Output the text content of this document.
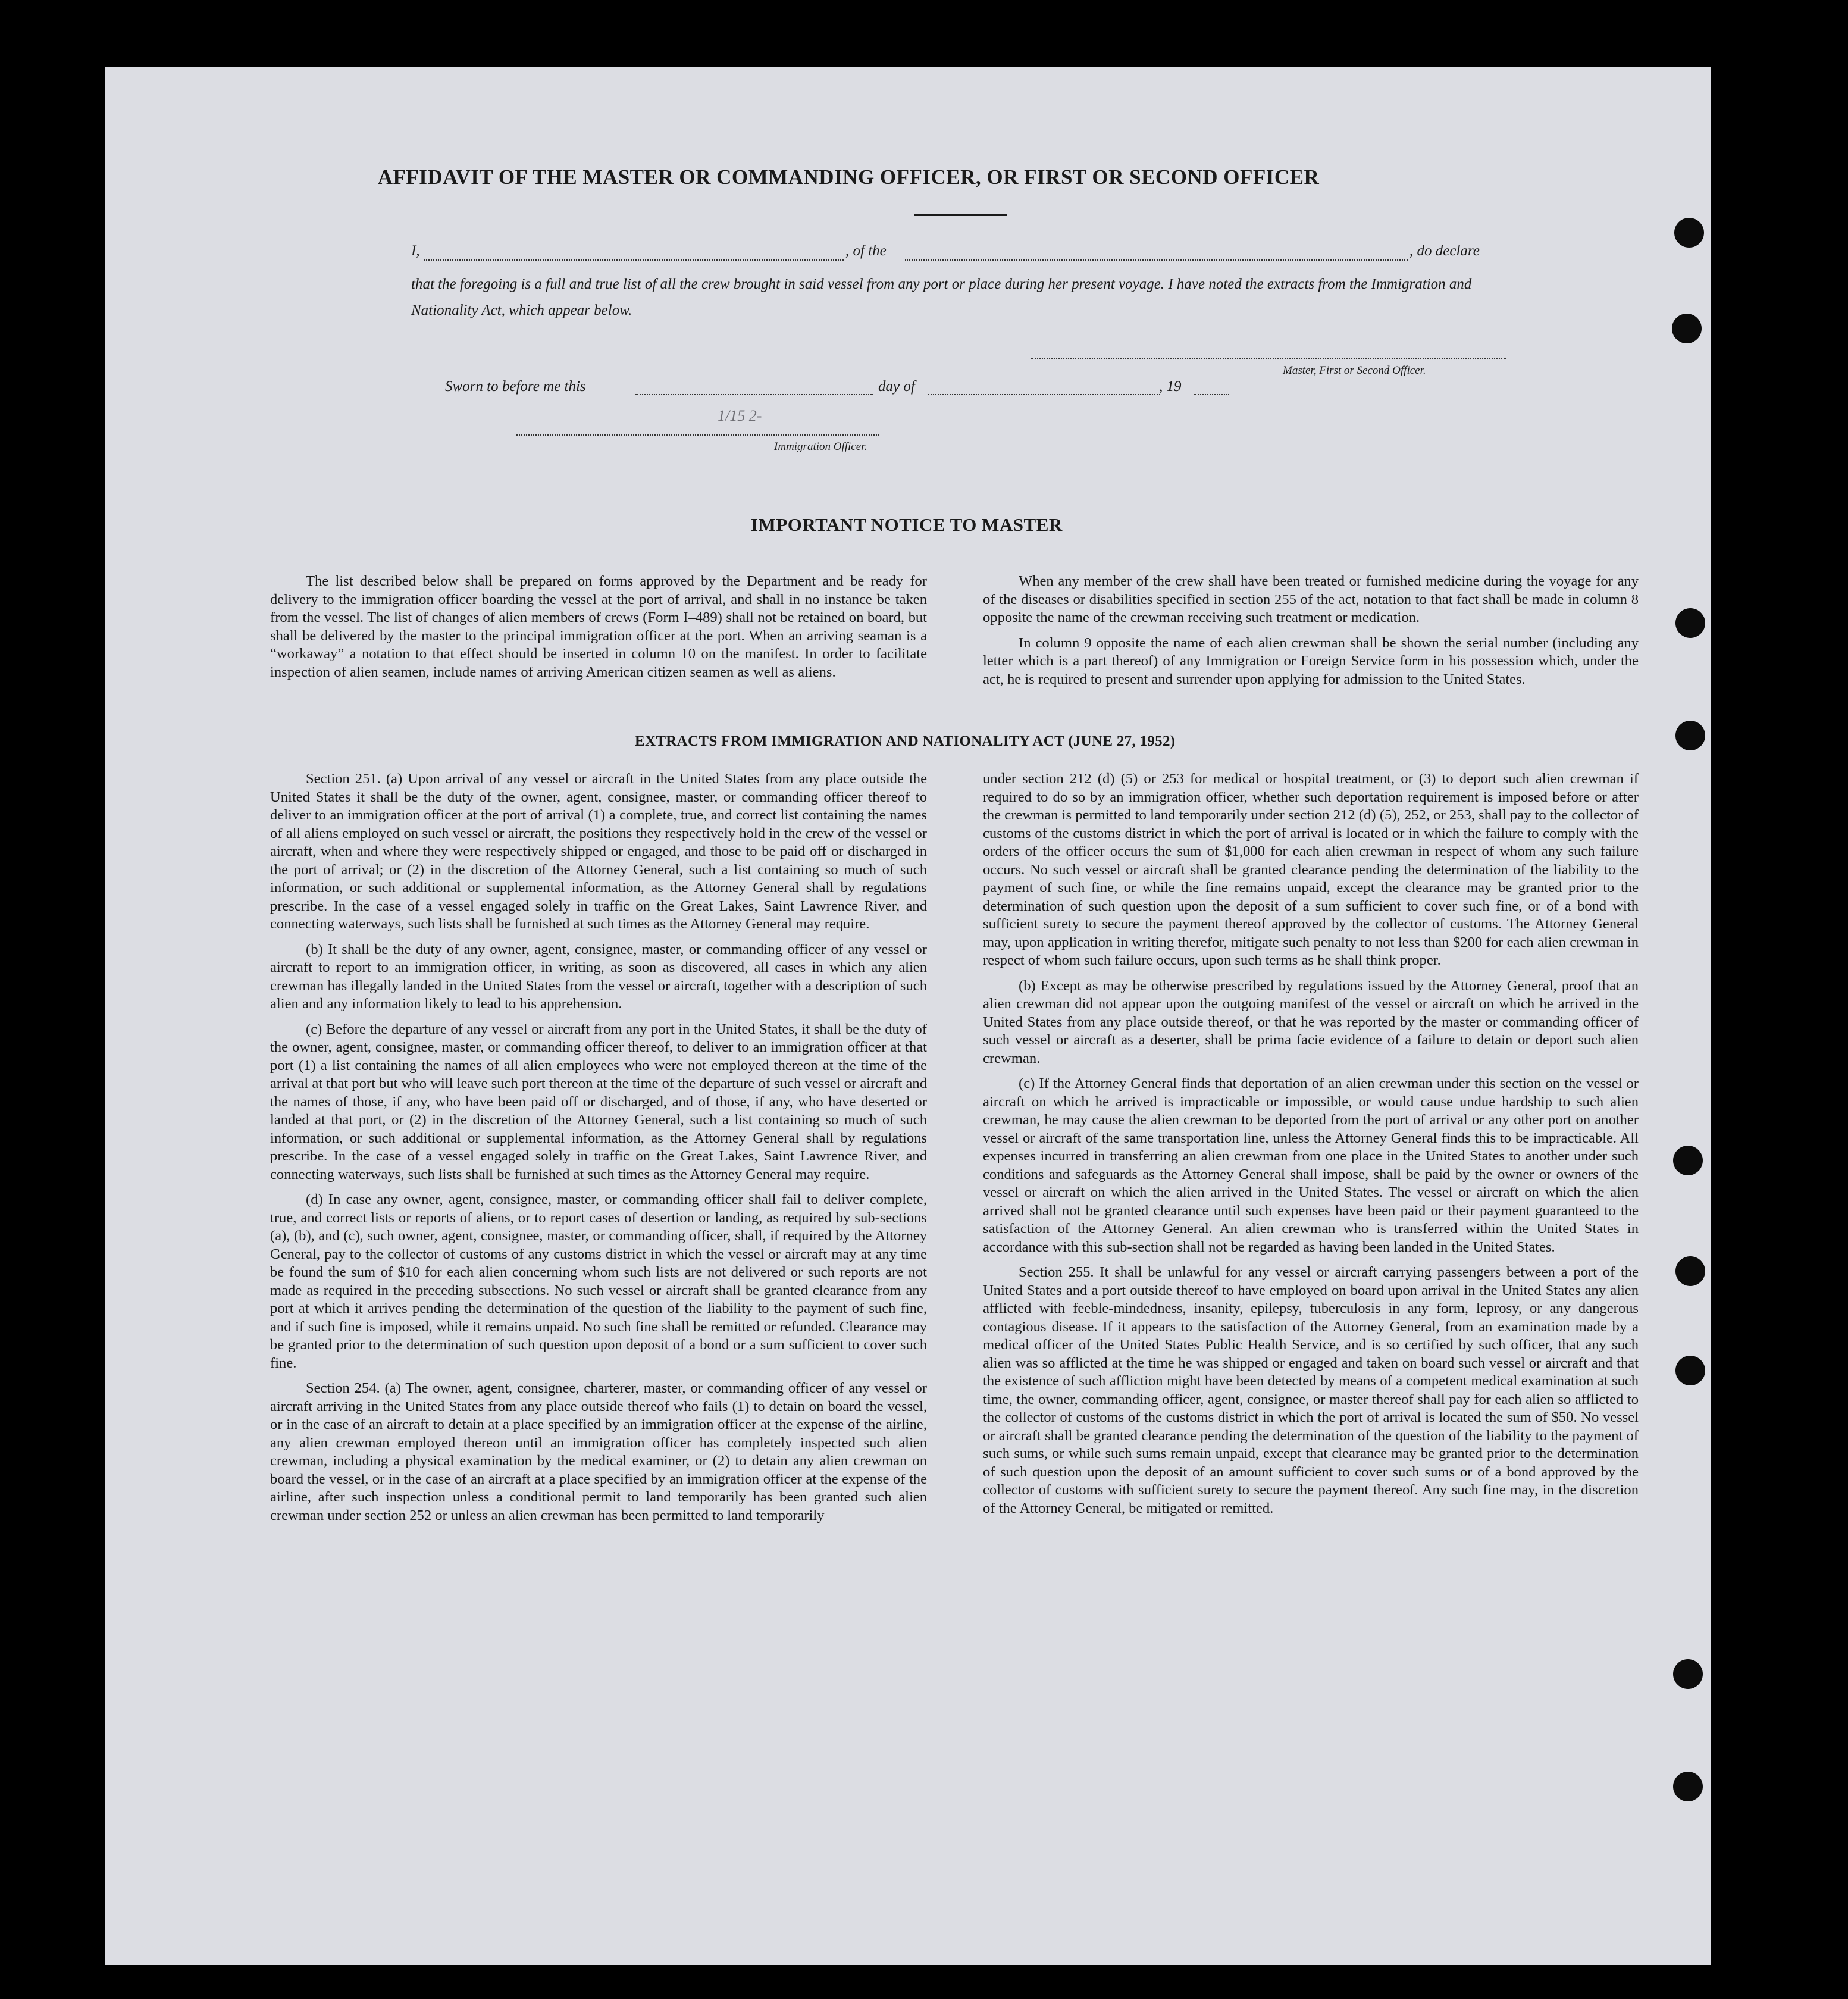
AFFIDAVIT OF THE MASTER OR COMMANDING OFFICER, OR FIRST OR SECOND OFFICER
I,	, of the	, do declare
that the foregoing is a full and true list of all the crew brought in said vessel from any port or place during her present voyage. I have noted the extracts from the Immigration and Nationality Act, which appear below.
Master, First or Second Officer.
Sworn to before me this	day of	, 19
1/15 2-
Immigration Officer.
IMPORTANT NOTICE TO MASTER

The list described below shall be prepared on forms approved by the Department and be ready for delivery to the immigration officer boarding the vessel at the port of arrival, and shall in no instance be taken from the vessel. The list of changes of alien members of crews (Form I–489) shall not be retained on board, but shall be delivered by the master to the principal immigration officer at the port. When an arriving seaman is a “workaway” a notation to that effect should be inserted in column 10 on the manifest. In order to facilitate inspection of alien seamen, include names of arriving American citizen seamen as well as aliens.

When any member of the crew shall have been treated or furnished medicine during the voyage for any of the diseases or disabilities specified in section 255 of the act, notation to that fact shall be made in column 8 opposite the name of the crewman receiving such treatment or medication.

In column 9 opposite the name of each alien crewman shall be shown the serial number (including any letter which is a part thereof) of any Immigration or Foreign Service form in his possession which, under the act, he is required to present and surrender upon applying for admission to the United States.

EXTRACTS FROM IMMIGRATION AND NATIONALITY ACT (JUNE 27, 1952)

Section 251. (a) Upon arrival of any vessel or aircraft in the United States from any place outside the United States it shall be the duty of the owner, agent, consignee, master, or commanding officer thereof to deliver to an immigration officer at the port of arrival (1) a complete, true, and correct list containing the names of all aliens employed on such vessel or aircraft, the positions they respectively hold in the crew of the vessel or aircraft, when and where they were respectively shipped or engaged, and those to be paid off or discharged in the port of arrival; or (2) in the discretion of the Attorney General, such a list containing so much of such information, or such additional or supplemental information, as the Attorney General shall by regulations prescribe. In the case of a vessel engaged solely in traffic on the Great Lakes, Saint Lawrence River, and connecting waterways, such lists shall be furnished at such times as the Attorney General may require.

(b) It shall be the duty of any owner, agent, consignee, master, or commanding officer of any vessel or aircraft to report to an immigration officer, in writing, as soon as discovered, all cases in which any alien crewman has illegally landed in the United States from the vessel or aircraft, together with a description of such alien and any information likely to lead to his apprehension.

(c) Before the departure of any vessel or aircraft from any port in the United States, it shall be the duty of the owner, agent, consignee, master, or commanding officer thereof, to deliver to an immigration officer at that port (1) a list containing the names of all alien employees who were not employed thereon at the time of the arrival at that port but who will leave such port thereon at the time of the departure of such vessel or aircraft and the names of those, if any, who have been paid off or discharged, and of those, if any, who have deserted or landed at that port, or (2) in the discretion of the Attorney General, such a list containing so much of such information, or such additional or supplemental information, as the Attorney General shall by regulations prescribe. In the case of a vessel engaged solely in traffic on the Great Lakes, Saint Lawrence River, and connecting waterways, such lists shall be furnished at such times as the Attorney General may require.

(d) In case any owner, agent, consignee, master, or commanding officer shall fail to deliver complete, true, and correct lists or reports of aliens, or to report cases of desertion or landing, as required by sub-sections (a), (b), and (c), such owner, agent, consignee, master, or commanding officer, shall, if required by the Attorney General, pay to the collector of customs of any customs district in which the vessel or aircraft may at any time be found the sum of $10 for each alien concerning whom such lists are not delivered or such reports are not made as required in the preceding subsections. No such vessel or aircraft shall be granted clearance from any port at which it arrives pending the determination of the question of the liability to the payment of such fine, and if such fine is imposed, while it remains unpaid. No such fine shall be remitted or refunded. Clearance may be granted prior to the determination of such question upon deposit of a bond or a sum sufficient to cover such fine.

Section 254. (a) The owner, agent, consignee, charterer, master, or commanding officer of any vessel or aircraft arriving in the United States from any place outside thereof who fails (1) to detain on board the vessel, or in the case of an aircraft to detain at a place specified by an immigration officer at the expense of the airline, any alien crewman employed thereon until an immigration officer has completely inspected such alien crewman, including a physical examination by the medical examiner, or (2) to detain any alien crewman on board the vessel, or in the case of an aircraft at a place specified by an immigration officer at the expense of the airline, after such inspection unless a conditional permit to land temporarily has been granted such alien crewman under section 252 or unless an alien crewman has been permitted to land temporarily

under section 212 (d) (5) or 253 for medical or hospital treatment, or (3) to deport such alien crewman if required to do so by an immigration officer, whether such deportation requirement is imposed before or after the crewman is permitted to land temporarily under section 212 (d) (5), 252, or 253, shall pay to the collector of customs of the customs district in which the port of arrival is located or in which the failure to comply with the orders of the officer occurs the sum of $1,000 for each alien crewman in respect of whom any such failure occurs. No such vessel or aircraft shall be granted clearance pending the determination of the liability to the payment of such fine, or while the fine remains unpaid, except the clearance may be granted prior to the determination of such question upon the deposit of a sum sufficient to cover such fine, or of a bond with sufficient surety to secure the payment thereof approved by the collector of customs. The Attorney General may, upon application in writing therefor, mitigate such penalty to not less than $200 for each alien crewman in respect of whom such failure occurs, upon such terms as he shall think proper.

(b) Except as may be otherwise prescribed by regulations issued by the Attorney General, proof that an alien crewman did not appear upon the outgoing manifest of the vessel or aircraft on which he arrived in the United States from any place outside thereof, or that he was reported by the master or commanding officer of such vessel or aircraft as a deserter, shall be prima facie evidence of a failure to detain or deport such alien crewman.

(c) If the Attorney General finds that deportation of an alien crewman under this section on the vessel or aircraft on which he arrived is impracticable or impossible, or would cause undue hardship to such alien crewman, he may cause the alien crewman to be deported from the port of arrival or any other port on another vessel or aircraft of the same transportation line, unless the Attorney General finds this to be impracticable. All expenses incurred in transferring an alien crewman from one place in the United States to another under such conditions and safeguards as the Attorney General shall impose, shall be paid by the owner or owners of the vessel or aircraft on which the alien arrived in the United States. The vessel or aircraft on which the alien arrived shall not be granted clearance until such expenses have been paid or their payment guaranteed to the satisfaction of the Attorney General. An alien crewman who is transferred within the United States in accordance with this sub-section shall not be regarded as having been landed in the United States.

Section 255. It shall be unlawful for any vessel or aircraft carrying passengers between a port of the United States and a port outside thereof to have employed on board upon arrival in the United States any alien afflicted with feeble-mindedness, insanity, epilepsy, tuberculosis in any form, leprosy, or any dangerous contagious disease. If it appears to the satisfaction of the Attorney General, from an examination made by a medical officer of the United States Public Health Service, and is so certified by such officer, that any such alien was so afflicted at the time he was shipped or engaged and taken on board such vessel or aircraft and that the existence of such affliction might have been detected by means of a competent medical examination at such time, the owner, commanding officer, agent, consignee, or master thereof shall pay for each alien so afflicted to the collector of customs of the customs district in which the port of arrival is located the sum of $50. No vessel or aircraft shall be granted clearance pending the determination of the question of the liability to the payment of such sums, or while such sums remain unpaid, except that clearance may be granted prior to the determination of such question upon the deposit of an amount sufficient to cover such sums or of a bond approved by the collector of customs with sufficient surety to secure the payment thereof. Any such fine may, in the discretion of the Attorney General, be mitigated or remitted.
